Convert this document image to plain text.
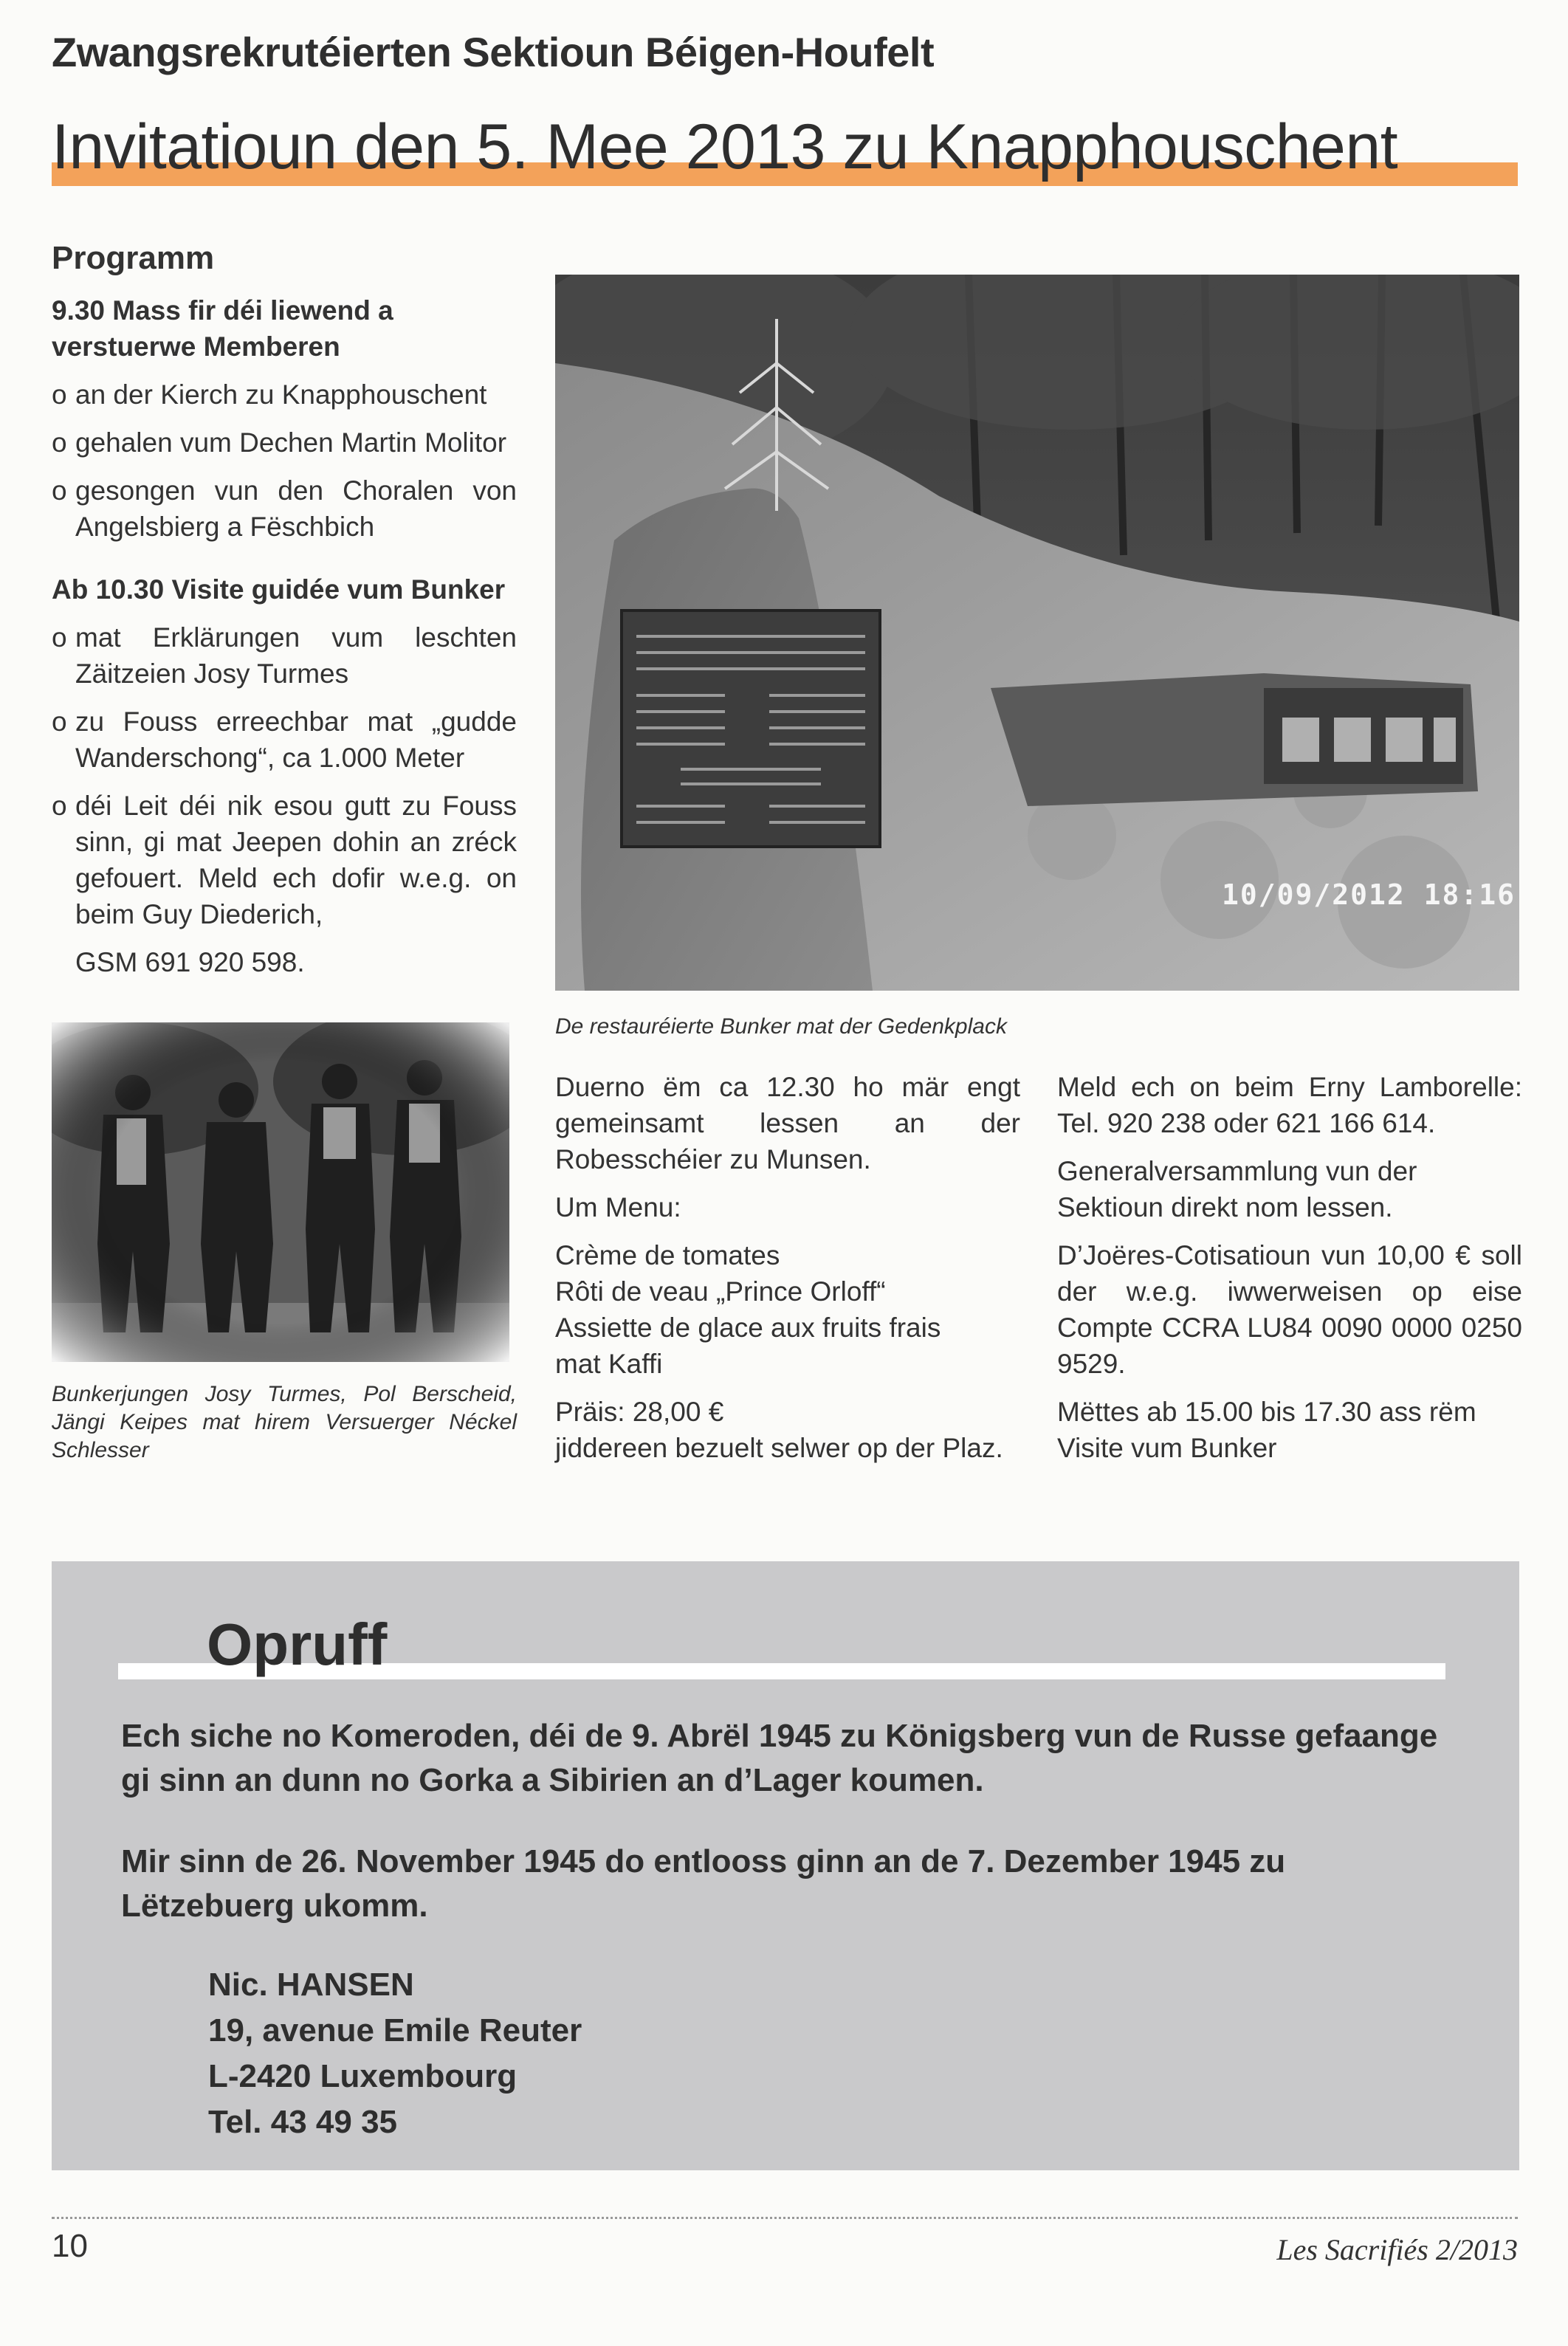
Zwangsrekrutéierten Sektioun Béigen-Houfelt
Invitatioun den 5. Mee 2013 zu Knapphouschent
Programm
9.30 Mass fir déi liewend a verstuerwe Memberen
o an der Kierch zu Knapphouschent
o gehalen vum Dechen Martin Molitor
o gesongen vun den Choralen von Angelsbierg a Fëschbich
Ab 10.30 Visite guidée vum Bunker
o mat Erklärungen vum leschten Zäitzeien Josy Turmes
o zu Fouss erreechbar mat „gudde Wanderschong“, ca 1.000 Meter
o déi Leit déi nik esou gutt zu Fouss sinn, gi mat Jeepen dohin an zréck gefouert. Meld ech dofir w.e.g. on beim Guy Diederich,
GSM 691 920 598.
10/09/2012 18:16
De restauréierte Bunker mat der Gedenkplack
Bunkerjungen Josy Turmes, Pol Berscheid, Jängi Keipes mat hirem Versuerger Néckel Schlesser

Duerno ëm ca 12.30 ho mär engt gemeinsamt lessen an der Robesschéier zu Munsen.

Um Menu:

Crème de tomates
Rôti de veau „Prince Orloff“
Assiette de glace aux fruits frais
mat Kaffi

Präis: 28,00 €

jiddereen bezuelt selwer op der Plaz.

Meld ech on beim Erny Lamborelle: Tel. 920 238 oder 621 166 614.

Generalversammlung vun der Sektioun direkt nom lessen.

D’Joëres-Cotisatioun vun 10,00 € soll der w.e.g. iwwerweisen op eise Compte CCRA LU84 0090 0000 0250 9529.

Mëttes ab 15.00 bis 17.30 ass rëm Visite vum Bunker

Opruff
Ech siche no Komeroden, déi de 9. Abrël 1945 zu Königsberg vun de Russe gefaange gi sinn an dunn no Gorka a Sibirien an d’Lager koumen.
Mir sinn de 26. November 1945 do entlooss ginn an de 7. Dezember 1945 zu Lëtzebuerg ukomm.
Nic. HANSEN
19, avenue Emile Reuter
L-2420 Luxembourg
Tel. 43 49 35
10	Les Sacrifiés 2/2013
